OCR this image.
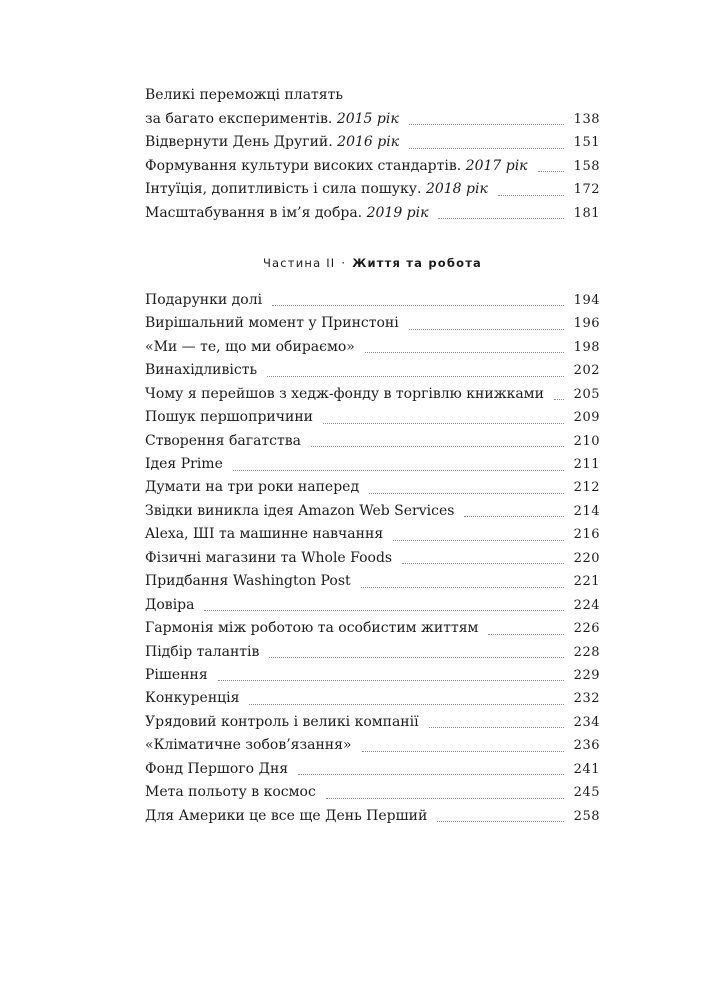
Великі переможці платять
за багато експериментів. 2015 рік	138
Відвернути День Другий. 2016 рік	151
Формування культури високих стандартів. 2017 рік	158
Інтуїція, допитливість і сила пошуку. 2018 рік	172
Масштабування в ім’я добра. 2019 рік	181
Частина II · Життя та робота
Подарунки долі	194
Вирішальний момент у Принстоні	196
«Ми — те, що ми обираємо»	198
Винахідливість	202
Чому я перейшов з хедж-фонду в торгівлю книжками 205
Пошук першопричини	209
Створення багатства	210
Ідея Prime	211
Думати на три роки наперед	212
Звідки виникла ідея Amazon Web Services	214
Alexa, ШІ та машинне навчання	216
Фізичні магазини та Whole Foods	220
Придбання Washington Post	221
Довіра	224
Гармонія між роботою та особистим життям	226
Підбір талантів	228
Рішення	229
Конкуренція	232
Урядовий контроль і великі компанії	234
«Кліматичне зобов’язання»	236
Фонд Першого Дня	241
Мета польоту в космос	245
Для Америки це все ще День Перший	258
